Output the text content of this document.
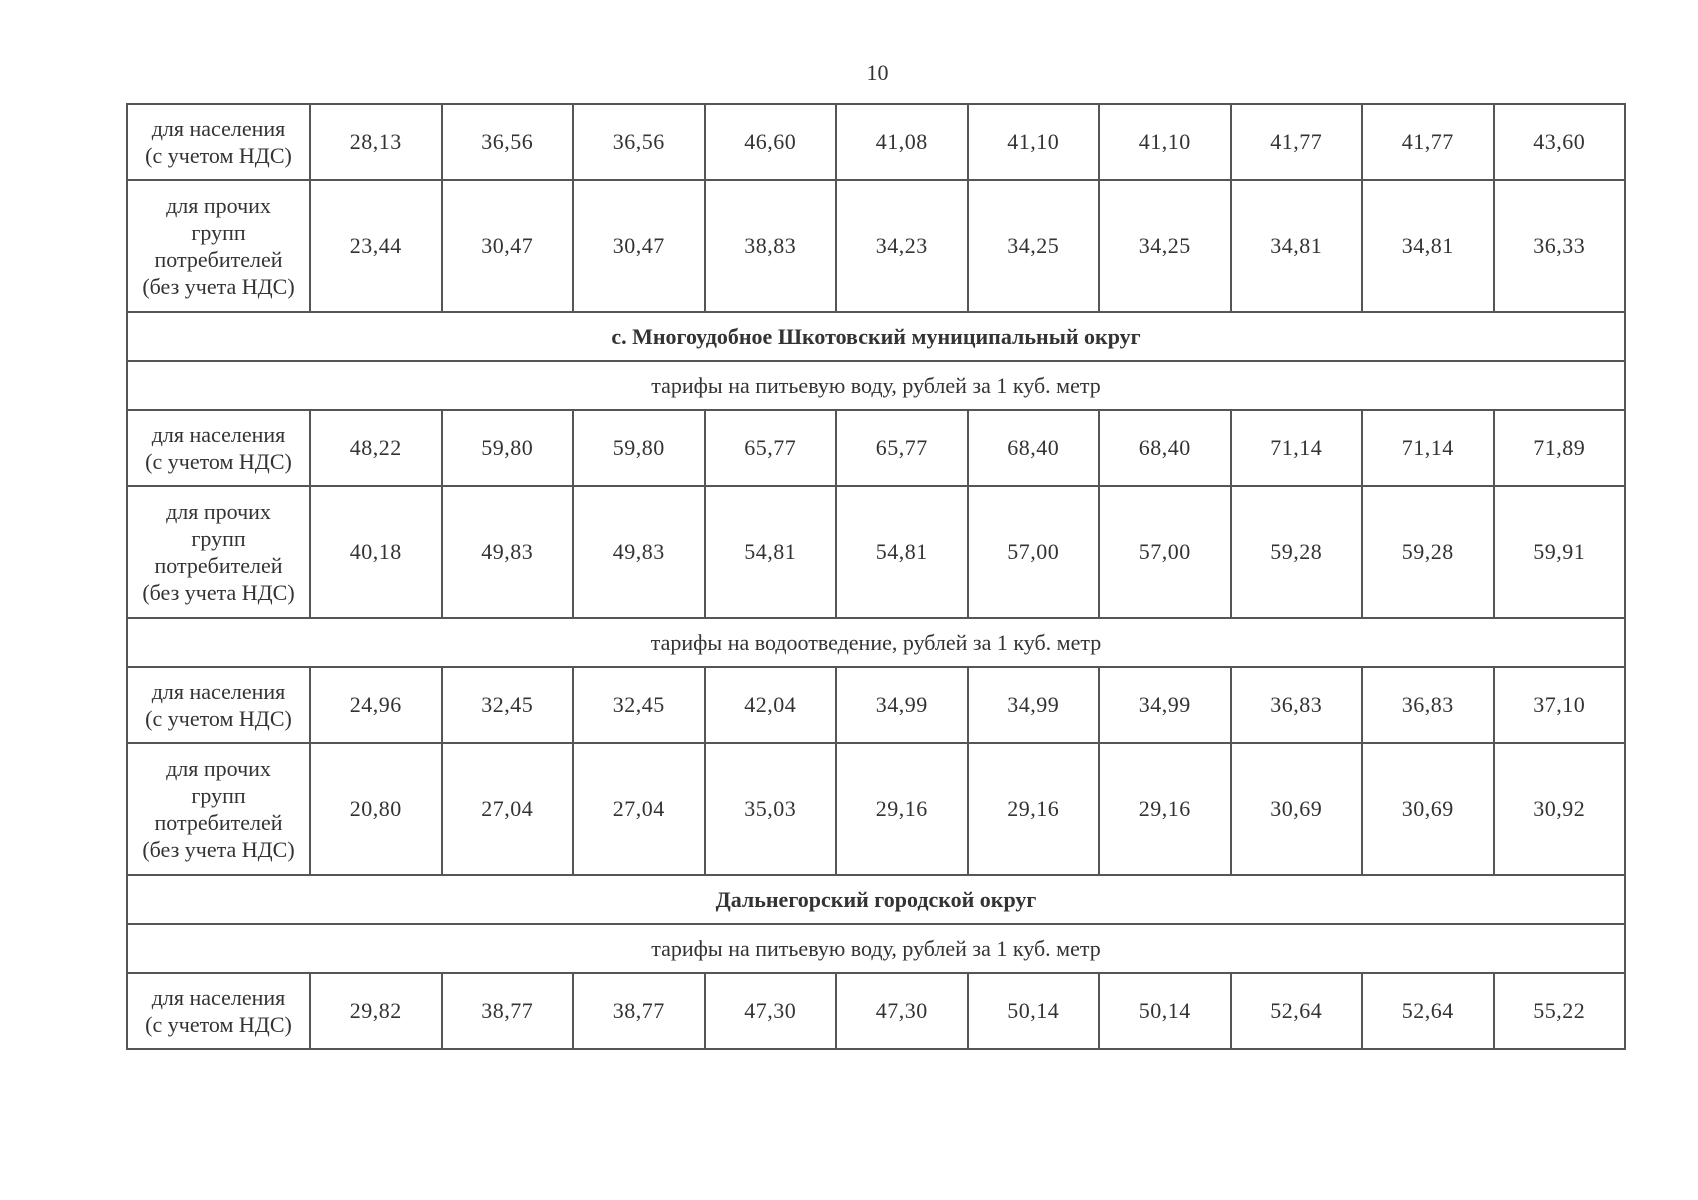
10
для населения
(с учетом НДС)	28,13	36,56	36,56	46,60	41,08	41,10	41,10	41,77	41,77	43,60
для прочих
групп
потребителей
(без учета НДС)	23,44	30,47	30,47	38,83	34,23	34,25	34,25	34,81	34,81	36,33
с. Многоудобное Шкотовский муниципальный округ										
тарифы на питьевую воду, рублей за 1 куб. метр										
для населения
(с учетом НДС)	48,22	59,80	59,80	65,77	65,77	68,40	68,40	71,14	71,14	71,89
для прочих
групп
потребителей
(без учета НДС)	40,18	49,83	49,83	54,81	54,81	57,00	57,00	59,28	59,28	59,91
тарифы на водоотведение, рублей за 1 куб. метр										
для населения
(с учетом НДС)	24,96	32,45	32,45	42,04	34,99	34,99	34,99	36,83	36,83	37,10
для прочих
групп
потребителей
(без учета НДС)	20,80	27,04	27,04	35,03	29,16	29,16	29,16	30,69	30,69	30,92
Дальнегорский городской округ										
тарифы на питьевую воду, рублей за 1 куб. метр										
для населения
(с учетом НДС)	29,82	38,77	38,77	47,30	47,30	50,14	50,14	52,64	52,64	55,22
